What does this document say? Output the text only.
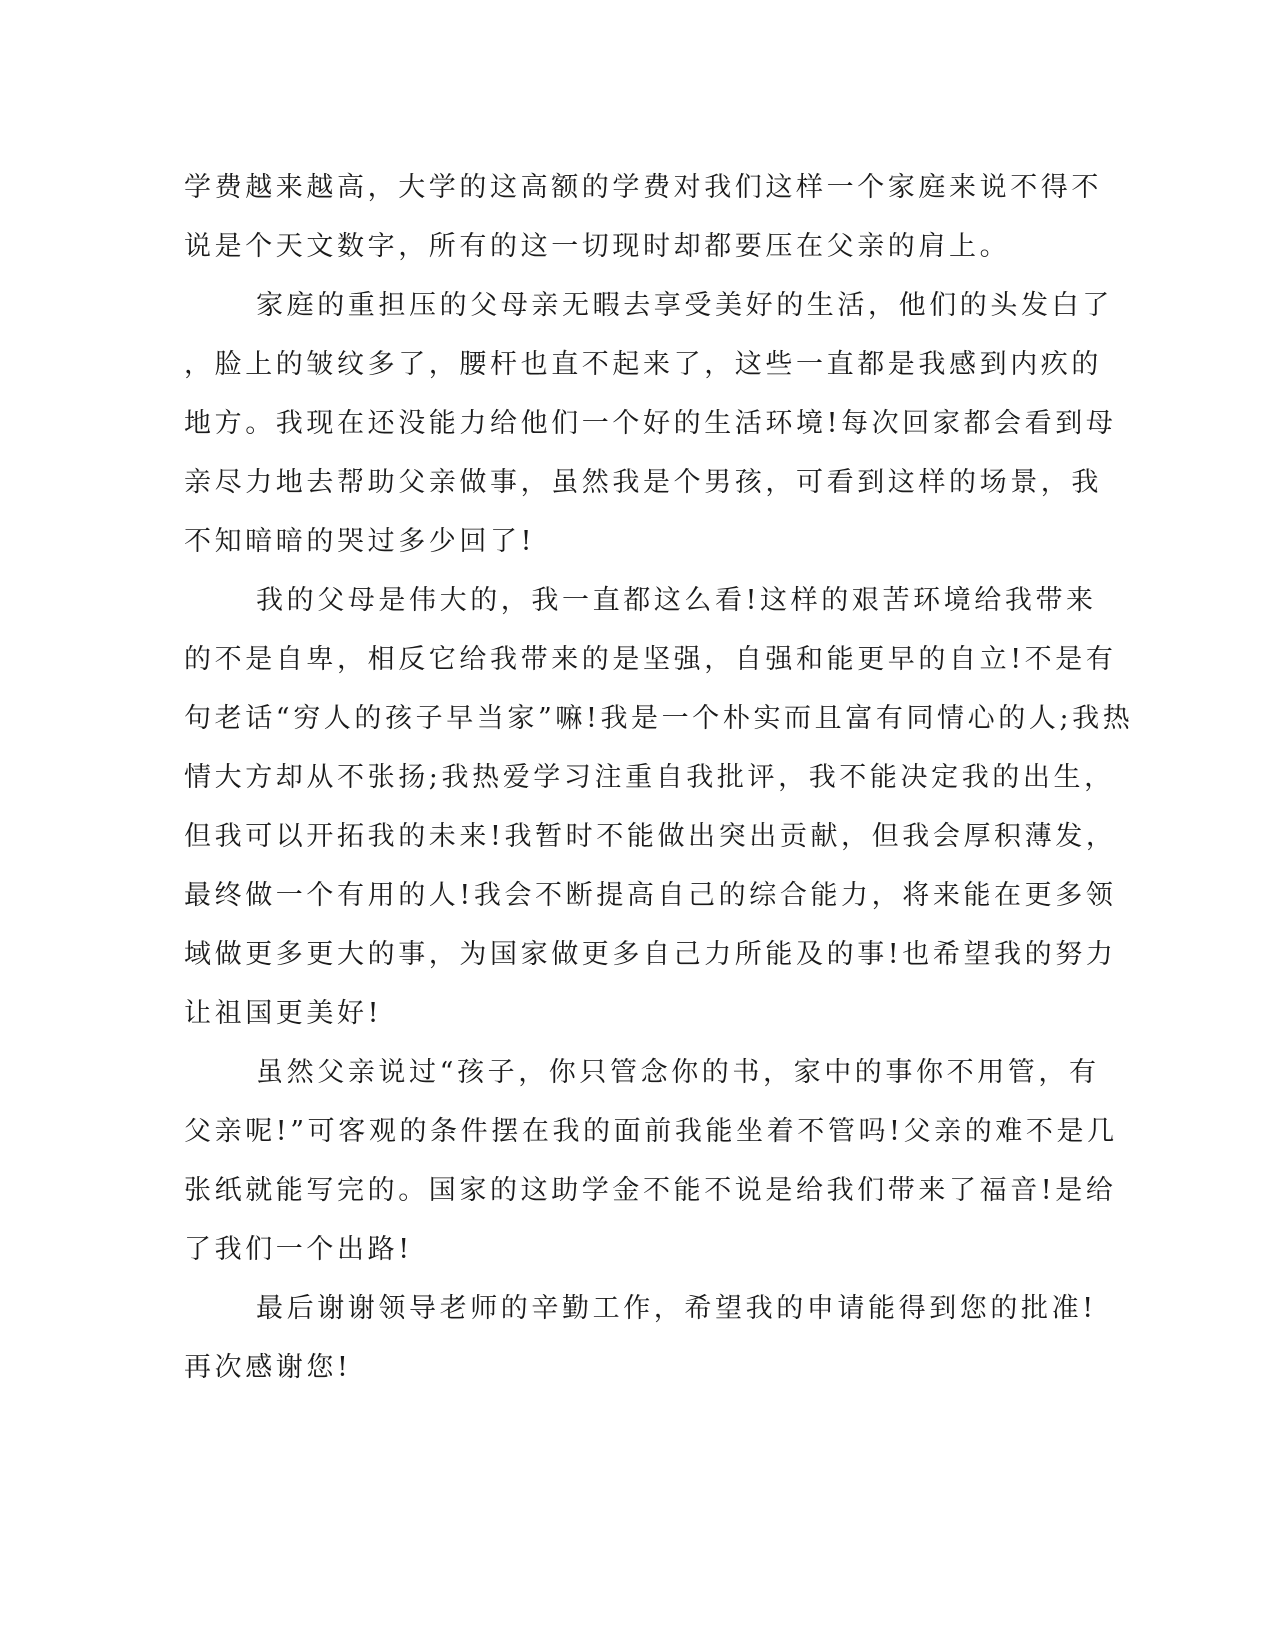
学费越来越高，大学的这高额的学费对我们这样一个家庭来说不得不
说是个天文数字，所有的这一切现时却都要压在父亲的肩上。
家庭的重担压的父母亲无暇去享受美好的生活，他们的头发白了
，脸上的皱纹多了，腰杆也直不起来了，这些一直都是我感到内疚的
地方。我现在还没能力给他们一个好的生活环境!每次回家都会看到母
亲尽力地去帮助父亲做事，虽然我是个男孩，可看到这样的场景，我
不知暗暗的哭过多少回了!
我的父母是伟大的，我一直都这么看!这样的艰苦环境给我带来
的不是自卑，相反它给我带来的是坚强，自强和能更早的自立!不是有
句老话“穷人的孩子早当家”嘛!我是一个朴实而且富有同情心的人;我热
情大方却从不张扬;我热爱学习注重自我批评，我不能决定我的出生，
但我可以开拓我的未来!我暂时不能做出突出贡献，但我会厚积薄发，
最终做一个有用的人!我会不断提高自己的综合能力，将来能在更多领
域做更多更大的事，为国家做更多自己力所能及的事!也希望我的努力
让祖国更美好!
虽然父亲说过“孩子，你只管念你的书，家中的事你不用管，有
父亲呢!”可客观的条件摆在我的面前我能坐着不管吗!父亲的难不是几
张纸就能写完的。国家的这助学金不能不说是给我们带来了福音!是给
了我们一个出路!
最后谢谢领导老师的辛勤工作，希望我的申请能得到您的批准!
再次感谢您!
